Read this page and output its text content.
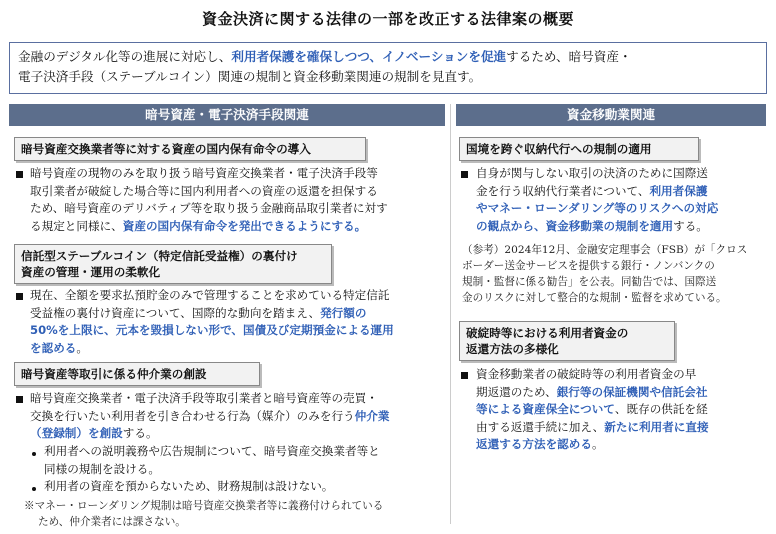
資金決済に関する法律の一部を改正する法律案の概要
金融のデジタル化等の進展に対応し、利用者保護を確保しつつ、イノベーションを促進するため、暗号資産・
電子決済手段（ステーブルコイン）関連の規制と資金移動業関連の規制を見直す。
暗号資産・電子決済手段関連
暗号資産交換業者等に対する資産の国内保有命令の導入
暗号資産の現物のみを取り扱う暗号資産交換業者・電子決済手段等
取引業者が破綻した場合等に国内利用者への資産の返還を担保する
ため、暗号資産のデリバティブ等を取り扱う金融商品取引業者に対す
る規定と同様に、資産の国内保有命令を発出できるようにする。
信託型ステーブルコイン（特定信託受益権）の裏付け
資産の管理・運用の柔軟化
現在、全額を要求払預貯金のみで管理することを求めている特定信託
受益権の裏付け資産について、国際的な動向を踏まえ、発行額の
50%を上限に、元本を毀損しない形で、国債及び定期預金による運用
を認める。
暗号資産等取引に係る仲介業の創設
暗号資産交換業者・電子決済手段等取引業者と暗号資産等の売買・
交換を行いたい利用者を引き合わせる行為（媒介）のみを行う仲介業
（登録制）を創設する。
利用者への説明義務や広告規制について、暗号資産交換業者等と
同様の規制を設ける。
利用者の資産を預からないため、財務規制は設けない。
※マネー・ローンダリング規制は暗号資産交換業者等に義務付けられている
ため、仲介業者には課さない。
資金移動業関連
国境を跨ぐ収納代行への規制の適用
自身が関与しない取引の決済のために国際送
金を行う収納代行業者について、利用者保護
やマネー・ローンダリング等のリスクへの対応
の観点から、資金移動業の規制を適用する。
（参考）2024年12月、金融安定理事会（FSB）が「クロス
ボーダー送金サービスを提供する銀行・ノンバンクの
規制・監督に係る勧告」を公表。同勧告では、国際送
金のリスクに対して整合的な規制・監督を求めている。
破綻時等における利用者資金の
返還方法の多様化
資金移動業者の破綻時等の利用者資金の早
期返還のため、銀行等の保証機関や信託会社
等による資産保全について、既存の供託を経
由する返還手続に加え、新たに利用者に直接
返還する方法を認める。
